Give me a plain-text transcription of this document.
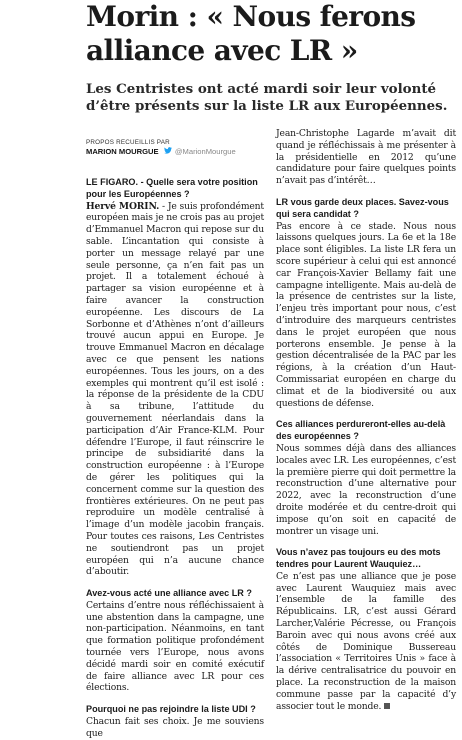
Morin : « Nous ferons
alliance avec LR »

Les Centristes ont acté mardi soir leur volonté
d’être présents sur la liste LR aux Européennes.

PROPOS RECUEILLIS PAR
MARION MOURGUE @MarionMourgue

LE FIGARO. - Quelle sera votre position pour les Européennes ?

Hervé MORIN. - Je suis profondément européen mais je ne crois pas au projet d’Emmanuel Macron qui repose sur du sable. L’incantation qui consiste à porter un message relayé par une seule personne, ça n’en fait pas un projet. Il a totalement échoué à partager sa vision européenne et à faire avancer la construction européenne. Les discours de La Sorbonne et d’Athènes n’ont d’ailleurs trouvé aucun appui en Europe. Je trouve Emmanuel Macron en décalage avec ce que pensent les nations européennes. Tous les jours, on a des exemples qui montrent qu’il est isolé : la réponse de la présidente de la CDU à sa tribune, l’attitude du gouvernement néerlandais dans la participation d’Air France-KLM. Pour défendre l’Europe, il faut réinscrire le principe de subsidiarité dans la construction européenne : à l’Europe de gérer les politiques qui la concernent comme sur la question des frontières extérieures. On ne peut pas reproduire un modèle centralisé à l’image d’un modèle jacobin français. Pour toutes ces raisons, Les Centristes ne soutiendront pas un projet européen qui n’a aucune chance d’aboutir.

Avez-vous acté une alliance avec LR ?

Certains d’entre nous réfléchissaient à une abstention dans la campagne, une non-participation. Néanmoins, en tant que formation politique profondément tournée vers l’Europe, nous avons décidé mardi soir en comité exécutif de faire alliance avec LR pour ces élections.

Pourquoi ne pas rejoindre la liste UDI ?

Chacun fait ses choix. Je me souviens que

Jean-Christophe Lagarde m’avait dit quand je réfléchissais à me présenter à la présidentielle en 2012 qu’une candidature pour faire quelques points n’avait pas d’intérêt…

LR vous garde deux places. Savez-vous qui sera candidat ?

Pas encore à ce stade. Nous nous laissons quelques jours. La 6e et la 18e place sont éligibles. La liste LR fera un score supérieur à celui qui est annoncé car François-Xavier Bellamy fait une campagne intelligente. Mais au-delà de la présence de centristes sur la liste, l’enjeu très important pour nous, c’est d’introduire des marqueurs centristes dans le projet européen que nous porterons ensemble. Je pense à la gestion décentralisée de la PAC par les régions, à la création d’un Haut-Commissariat européen en charge du climat et de la biodiversité ou aux questions de défense.

Ces alliances perdureront-elles au-delà des européennes ?

Nous sommes déjà dans des alliances locales avec LR. Les européennes, c’est la première pierre qui doit permettre la reconstruction d’une alternative pour 2022, avec la reconstruction d’une droite modérée et du centre-droit qui impose qu’on soit en capacité de montrer un visage uni.

Vous n’avez pas toujours eu des mots tendres pour Laurent Wauquiez…

Ce n’est pas une alliance que je pose avec Laurent Wauquiez mais avec l’ensemble de la famille des Républicains. LR, c’est aussi Gérard Larcher,Valérie Pécresse, ou François Baroin avec qui nous avons créé aux côtés de Dominique Bussereau l’association « Territoires Unis » face à la dérive centralisatrice du pouvoir en place. La reconstruction de la maison commune passe par la capacité d’y associer tout le monde.
